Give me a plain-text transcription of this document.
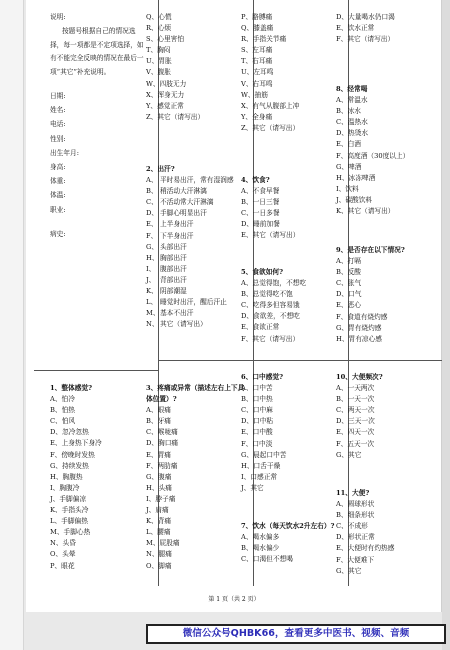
说明:
按题号根据自己的情况选择，每一项都是不定项选择，如有不能完全反映的情况在最后一项“其它”补充说明。
日期:
姓名:
电话:
性别:
出生年月:
身高:
体重:
体温:
职业:
病史:
1、整体感觉?
A、怕冷
B、怕热
C、怕风
D、忽冷忽热
E、上身热下身冷
F、傍晚时发热
G、持续发热
H、胸腹热
I、胸腹冷
J、手脚偏凉
K、手指头冷
L、手脚偏热
M、手脚心热
N、头昏
O、头晕
P、眼花
Q、心慌
R、心烦
S、心里害怕
T、胸闷
U、胃胀
V、腹胀
W、四肢无力
X、浑身无力
Y、感觉正常
Z、其它（请写出）
2、出汗?
A、 平时易出汗，常有湿润感
B、 稍活动大汗淋漓
C、 不活动常大汗淋漓
D、 手脚心明显出汗
E、 上半身出汗
F、 下半身出汗
G、 头部出汗
H、 胸部出汗
I、 腹部出汗
J、 背部出汗
K、 阴部潮湿
L、 睡觉时出汗，醒后汗止
M、 基本不出汗
N、 其它（请写出）
3、疼痛或异常（描述左右上下具体位置）?
A、眼痛
B、牙痛
C、喉咙痛
D、胸口痛
E、胃痛
F、两肋痛
G、腹痛
H、头痛
I、脖子痛
J、肩痛
K、背痛
L、腰痛
M、屁股痛
N、腿痛
O、脚痛
P、胳膊痛
Q、膝盖痛
R、手指关节痛
S、左耳痛
T、右耳痛
U、左耳鸣
V、右耳鸣
W、抽筋
X、有气从腹部上冲
Y、全身痛
Z、其它（请写出）
4、饮食?
A、不食早餐
B、一日三餐
C、一日多餐
D、睡前加餐
E、其它（请写出）
5、食欲如何?
A、总觉得饱，不想吃
B、总觉得吃不饱
C、吃得多但容易饿
D、食欲差，不想吃
E、食欲正常
F、其它（请写出）
6、口中感觉?
A、口中苦
B、口中热
C、口中麻
D、口中粘
E、口中酸
F、口中淡
G、晨起口中苦
H、口舌干燥
I、口感正常
J、其它
7、饮水（每天饮水2升左右）?
A、喝水偏多
B、喝水偏少
C、口渴但不想喝
D、大量喝水仍口渴
E、饮水正常
F、其它（请写出）
8、经常喝
A、常温水
B、冰水
C、温热水
D、热烫水
E、白酒
F、高度酒（30度以上）
G、啤酒
H、冰冻啤酒
I、饮料
J、碳酸饮料
K、其它（请写出）
9、是否存在以下情况?
A、打嗝
B、反酸
C、胀气
D、口气
E、恶心
F、食道有烧灼感
G、胃有烧灼感
H、胃有凉心感
10、大便频次?
A、一天两次
B、一天一次
C、两天一次
D、三天一次
E、四天一次
F、五天一次
G、其它
11、大便?
A、圆球形状
B、细条形状
C、不成形
D、形状正常
E、大便时有灼热感
F、大便难下
G、其它
第 1 页（共 2 页）
微信公众号QHBK66，查看更多中医书、视频、音频
